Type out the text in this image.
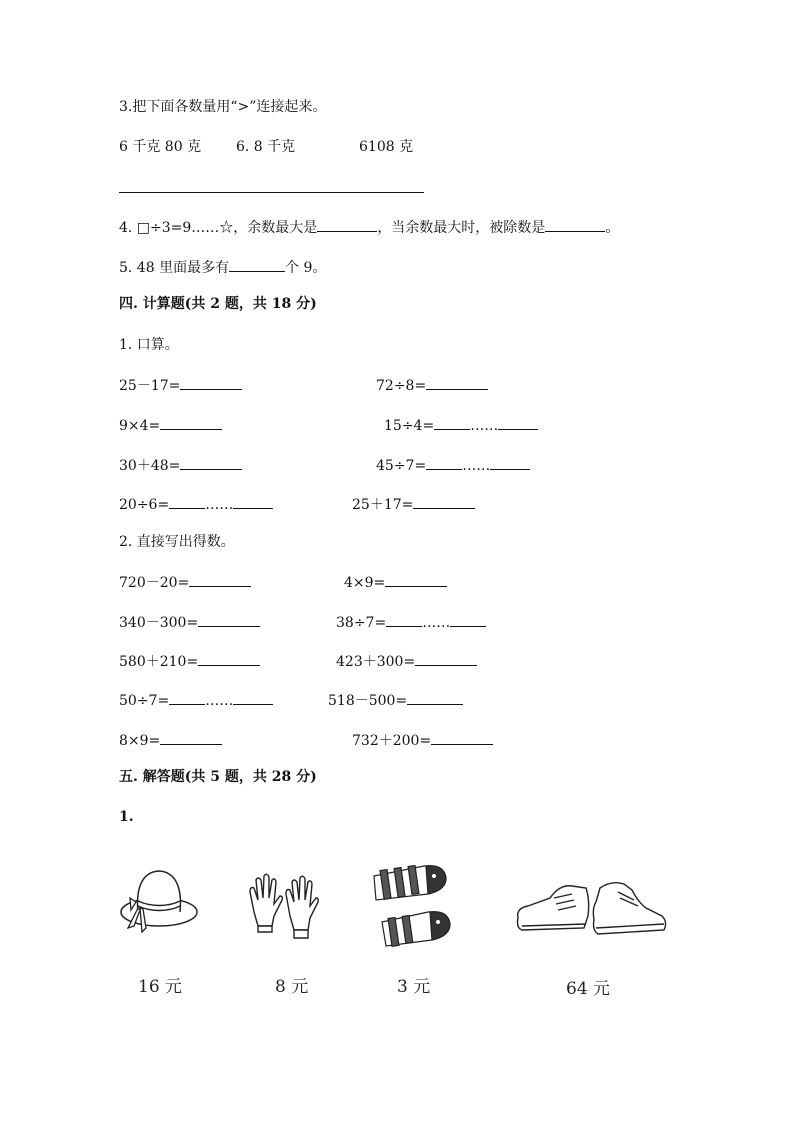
3.把下面各数量用“>”连接起来。
6 千克 80 克 6. 8 千克	6108 克
4. □÷3=9……☆，余数最大是	，当余数最大时，被除数是	。
5. 48 里面最多有	个 9。
四. 计算题(共 2 题，共 18 分)
1. 口算。
25－17=	72÷8=
9×4=	15÷4=	……
30＋48=	45÷7=	……
20÷6=	……	25＋17=
2. 直接写出得数。
720－20=	4×9=
340－300=	38÷7=	……
580＋210=	423＋300=
50÷7=	……	518－500=
8×9=	732＋200=
五. 解答题(共 5 题，共 28 分)
1.
16 元	8 元	3 元	64 元
